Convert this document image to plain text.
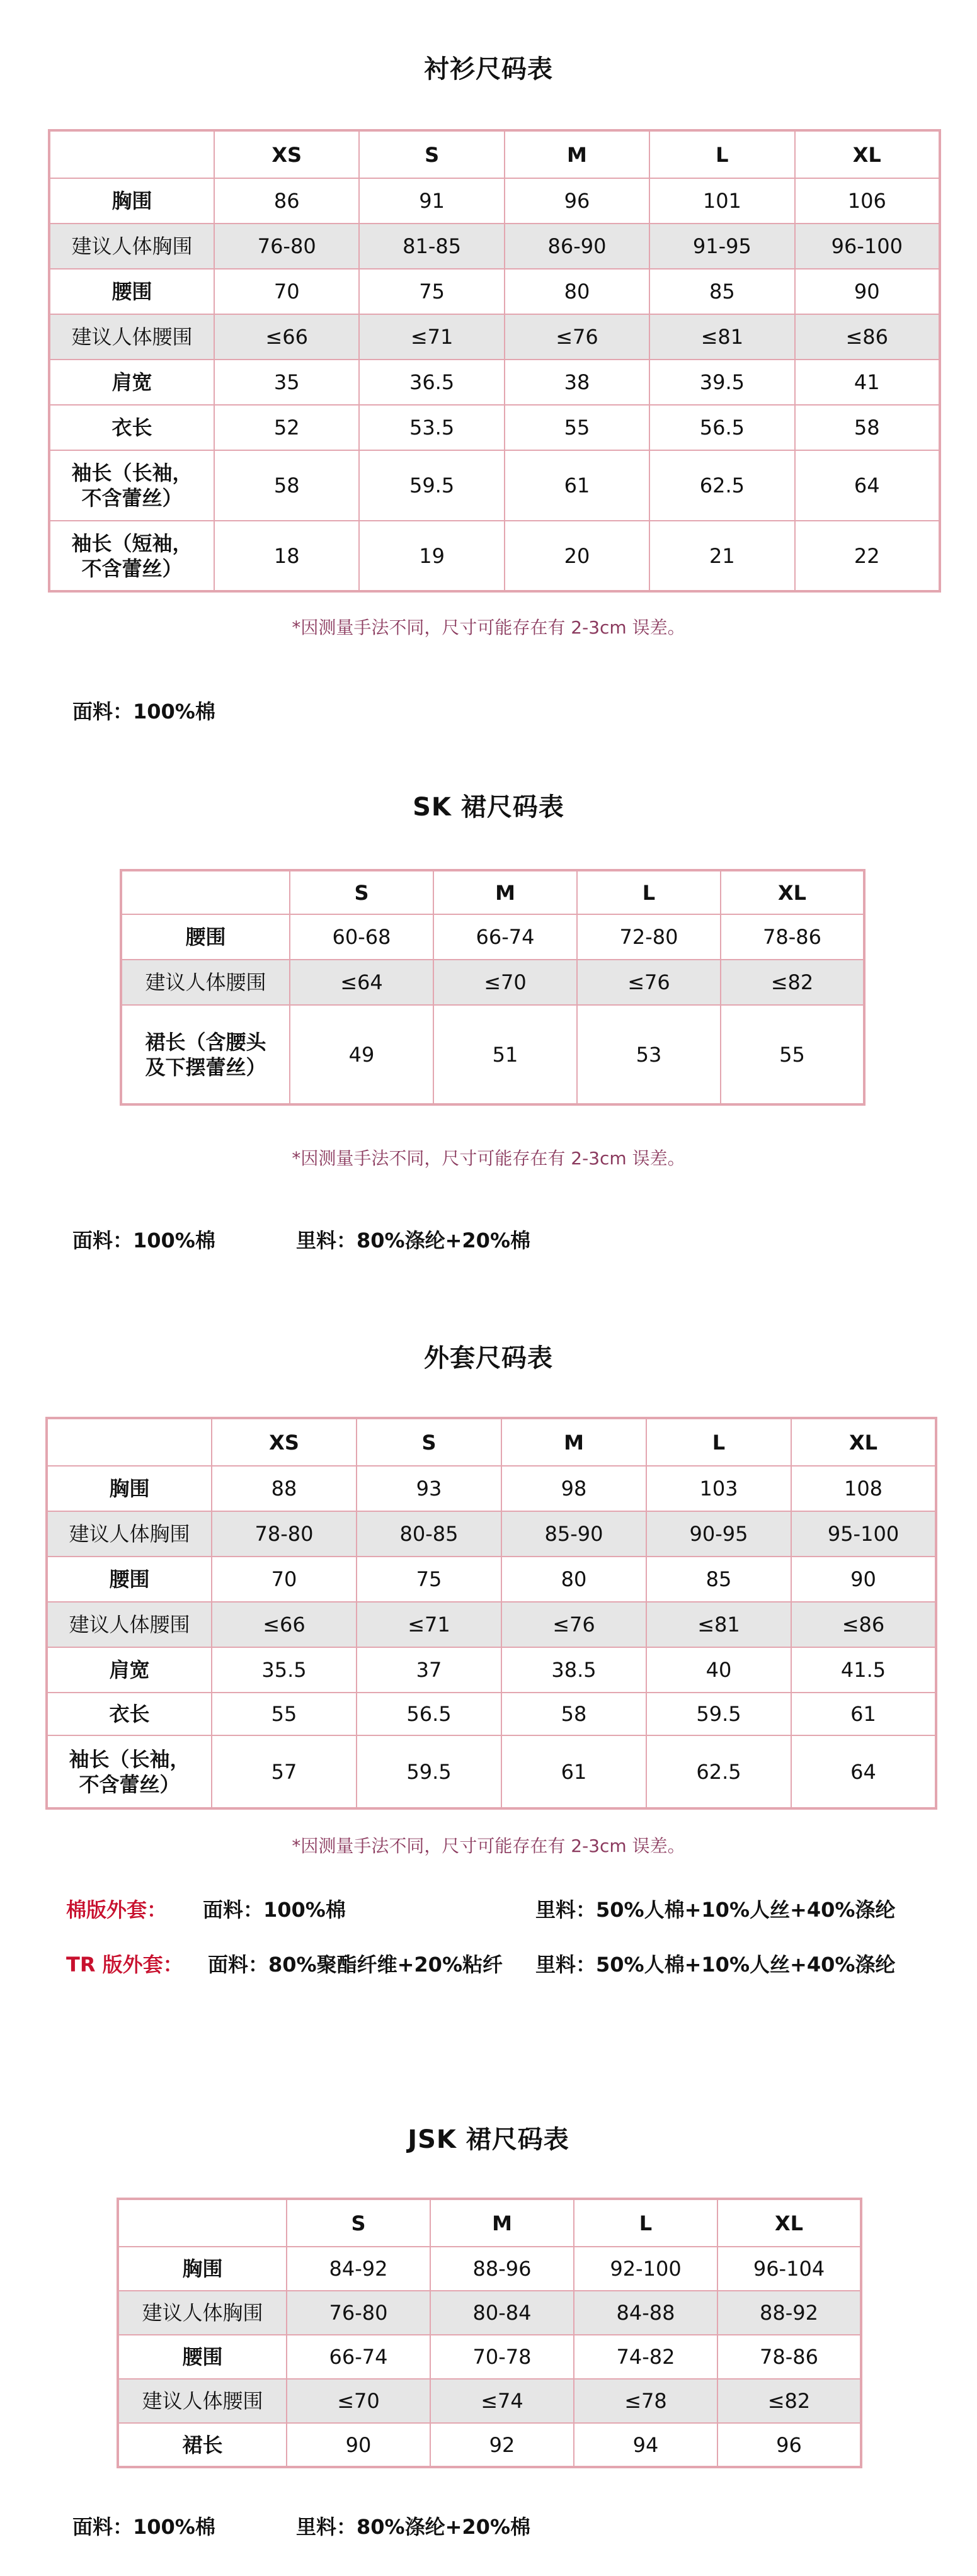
衬衫尺码表
	XS	S	M	L	XL
胸围	86	91	96	101	106
建议人体胸围	76-80	81-85	86-90	91-95	96-100
腰围	70	75	80	85	90
建议人体腰围	≤66	≤71	≤76	≤81	≤86
肩宽	35	36.5	38	39.5	41
衣长	52	53.5	55	56.5	58
袖长（长袖，
不含蕾丝）	58	59.5	61	62.5	64
袖长（短袖，
不含蕾丝）	18	19	20	21	22
*因测量手法不同，尺寸可能存在有 2-3cm 误差。
面料：100%棉
SK 裙尺码表
	S	M	L	XL
腰围	60-68	66-74	72-80	78-86
建议人体腰围	≤64	≤70	≤76	≤82
裙长（含腰头
及下摆蕾丝）	49	51	53	55
*因测量手法不同，尺寸可能存在有 2-3cm 误差。
面料：100%棉	里料：80%涤纶+20%棉
外套尺码表
	XS	S	M	L	XL
胸围	88	93	98	103	108
建议人体胸围	78-80	80-85	85-90	90-95	95-100
腰围	70	75	80	85	90
建议人体腰围	≤66	≤71	≤76	≤81	≤86
肩宽	35.5	37	38.5	40	41.5
衣长	55	56.5	58	59.5	61
袖长（长袖，
不含蕾丝）	57	59.5	61	62.5	64
*因测量手法不同，尺寸可能存在有 2-3cm 误差。
棉版外套： 面料：100%棉	里料：50%人棉+10%人丝+40%涤纶
TR 版外套： 面料：80%聚酯纤维+20%粘纤 里料：50%人棉+10%人丝+40%涤纶
JSK 裙尺码表
	S	M	L	XL
胸围	84-92	88-96	92-100	96-104
建议人体胸围	76-80	80-84	84-88	88-92
腰围	66-74	70-78	74-82	78-86
建议人体腰围	≤70	≤74	≤78	≤82
裙长	90	92	94	96
面料：100%棉	里料：80%涤纶+20%棉
